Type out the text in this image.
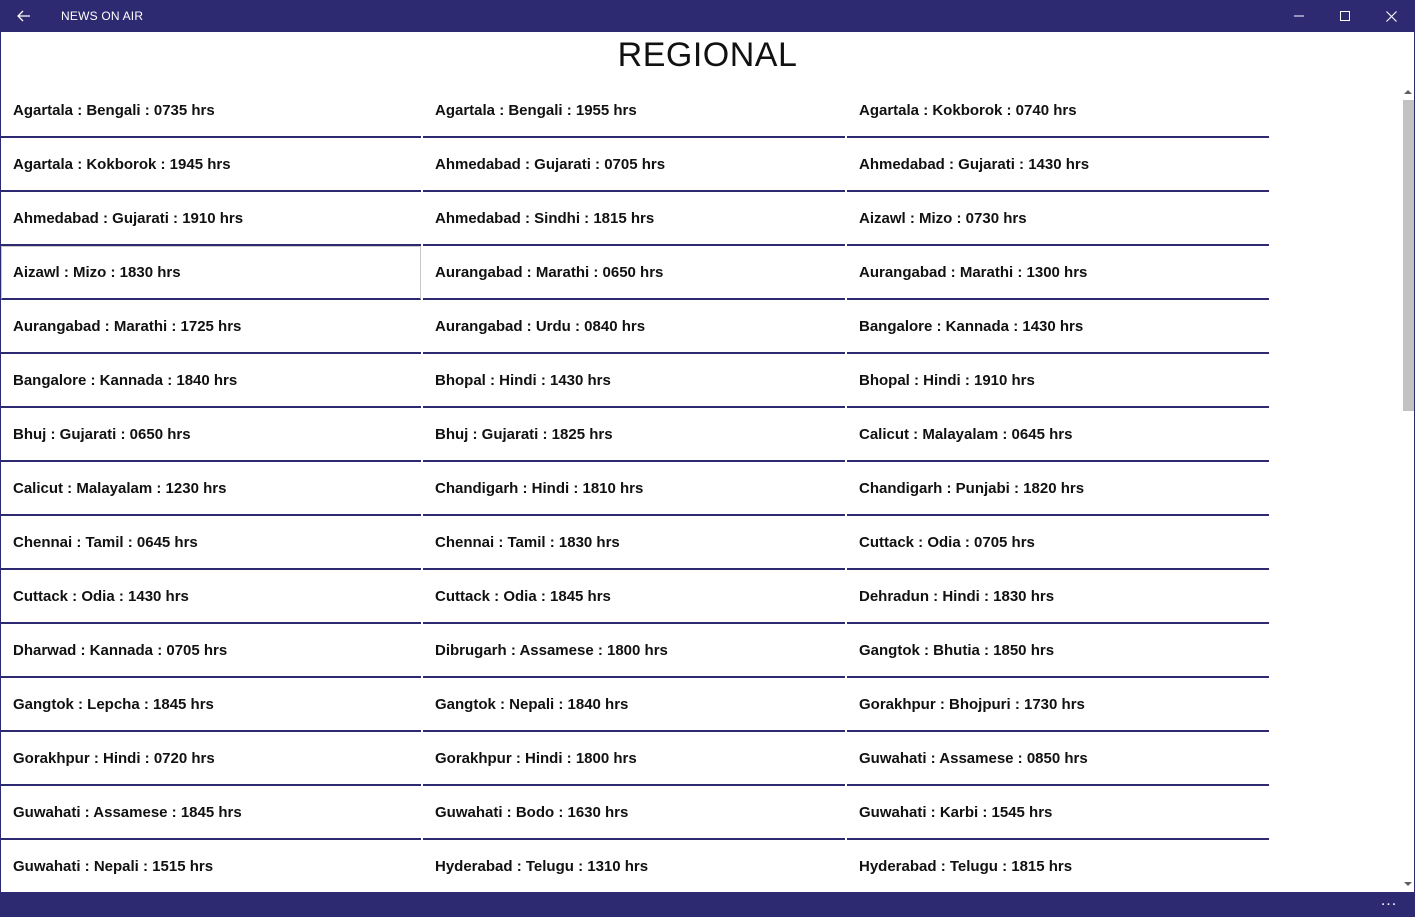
NEWS ON AIR
REGIONAL
Agartala : Bengali : 0735 hrs	Agartala : Bengali : 1955 hrs	Agartala : Kokborok : 0740 hrs
Agartala : Kokborok : 1945 hrs	Ahmedabad : Gujarati : 0705 hrs	Ahmedabad : Gujarati : 1430 hrs
Ahmedabad : Gujarati : 1910 hrs	Ahmedabad : Sindhi : 1815 hrs	Aizawl : Mizo : 0730 hrs
Aizawl : Mizo : 1830 hrs	Aurangabad : Marathi : 0650 hrs	Aurangabad : Marathi : 1300 hrs
Aurangabad : Marathi : 1725 hrs	Aurangabad : Urdu : 0840 hrs	Bangalore : Kannada : 1430 hrs
Bangalore : Kannada : 1840 hrs	Bhopal : Hindi : 1430 hrs	Bhopal : Hindi : 1910 hrs
Bhuj : Gujarati : 0650 hrs	Bhuj : Gujarati : 1825 hrs	Calicut : Malayalam : 0645 hrs
Calicut : Malayalam : 1230 hrs	Chandigarh : Hindi : 1810 hrs	Chandigarh : Punjabi : 1820 hrs
Chennai : Tamil : 0645 hrs	Chennai : Tamil : 1830 hrs	Cuttack : Odia : 0705 hrs
Cuttack : Odia : 1430 hrs	Cuttack : Odia : 1845 hrs	Dehradun : Hindi : 1830 hrs
Dharwad : Kannada : 0705 hrs	Dibrugarh : Assamese : 1800 hrs	Gangtok : Bhutia : 1850 hrs
Gangtok : Lepcha : 1845 hrs	Gangtok : Nepali : 1840 hrs	Gorakhpur : Bhojpuri : 1730 hrs
Gorakhpur : Hindi : 0720 hrs	Gorakhpur : Hindi : 1800 hrs	Guwahati : Assamese : 0850 hrs
Guwahati : Assamese : 1845 hrs	Guwahati : Bodo : 1630 hrs	Guwahati : Karbi : 1545 hrs
Guwahati : Nepali : 1515 hrs	Hyderabad : Telugu : 1310 hrs	Hyderabad : Telugu : 1815 hrs
...
